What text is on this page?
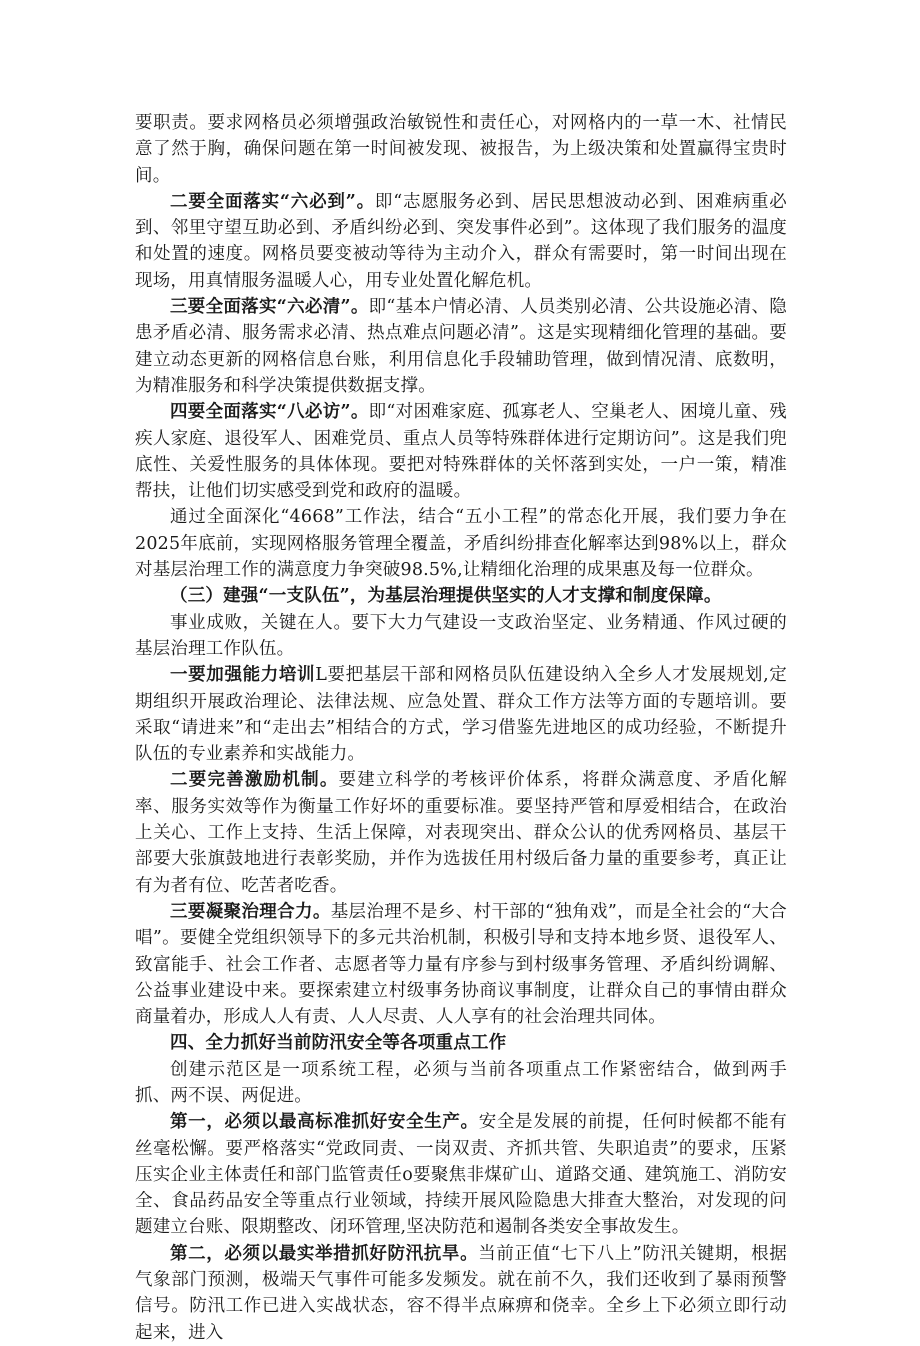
要职责。要求网格员必须增强政治敏锐性和责任心，对网格内的一草一木、社情民意了然于胸，确保问题在第一时间被发现、被报告，为上级决策和处置赢得宝贵时间。

二要全面落实“六必到”。即“志愿服务必到、居民思想波动必到、困难病重必到、邻里守望互助必到、矛盾纠纷必到、突发事件必到”。这体现了我们服务的温度和处置的速度。网格员要变被动等待为主动介入，群众有需要时，第一时间出现在现场，用真情服务温暖人心，用专业处置化解危机。

三要全面落实“六必清”。即“基本户情必清、人员类别必清、公共设施必清、隐患矛盾必清、服务需求必清、热点难点问题必清”。这是实现精细化管理的基础。要建立动态更新的网格信息台账，利用信息化手段辅助管理，做到情况清、底数明，为精准服务和科学决策提供数据支撑。

四要全面落实“八必访”。即“对困难家庭、孤寡老人、空巢老人、困境儿童、残疾人家庭、退役军人、困难党员、重点人员等特殊群体进行定期访问”。这是我们兜底性、关爱性服务的具体体现。要把对特殊群体的关怀落到实处，一户一策，精准帮扶，让他们切实感受到党和政府的温暖。

通过全面深化“4668”工作法，结合“五小工程”的常态化开展，我们要力争在2025年底前，实现网格服务管理全覆盖，矛盾纠纷排查化解率达到98%以上，群众对基层治理工作的满意度力争突破98.5%,让精细化治理的成果惠及每一位群众。

（三）建强“一支队伍”，为基层治理提供坚实的人才支撑和制度保障。

事业成败，关键在人。要下大力气建设一支政治坚定、业务精通、作风过硬的基层治理工作队伍。

一要加强能力培训L要把基层干部和网格员队伍建设纳入全乡人才发展规划,定期组织开展政治理论、法律法规、应急处置、群众工作方法等方面的专题培训。要采取“请进来”和“走出去”相结合的方式，学习借鉴先进地区的成功经验，不断提升队伍的专业素养和实战能力。

二要完善激励机制。要建立科学的考核评价体系，将群众满意度、矛盾化解率、服务实效等作为衡量工作好坏的重要标准。要坚持严管和厚爱相结合，在政治上关心、工作上支持、生活上保障，对表现突出、群众公认的优秀网格员、基层干部要大张旗鼓地进行表彰奖励，并作为选拔任用村级后备力量的重要参考，真正让有为者有位、吃苦者吃香。

三要凝聚治理合力。基层治理不是乡、村干部的“独角戏”，而是全社会的“大合唱”。要健全党组织领导下的多元共治机制，积极引导和支持本地乡贤、退役军人、致富能手、社会工作者、志愿者等力量有序参与到村级事务管理、矛盾纠纷调解、公益事业建设中来。要探索建立村级事务协商议事制度，让群众自己的事情由群众商量着办，形成人人有责、人人尽责、人人享有的社会治理共同体。

四、全力抓好当前防汛安全等各项重点工作

创建示范区是一项系统工程，必须与当前各项重点工作紧密结合，做到两手抓、两不误、两促进。

第一，必须以最高标准抓好安全生产。安全是发展的前提，任何时候都不能有丝毫松懈。要严格落实“党政同责、一岗双责、齐抓共管、失职追责”的要求，压紧压实企业主体责任和部门监管责任o要聚焦非煤矿山、道路交通、建筑施工、消防安全、食品药品安全等重点行业领域，持续开展风险隐患大排查大整治，对发现的问题建立台账、限期整改、闭环管理,坚决防范和遏制各类安全事故发生。

第二，必须以最实举措抓好防汛抗旱。当前正值“七下八上”防汛关键期，根据气象部门预测，极端天气事件可能多发频发。就在前不久，我们还收到了暴雨预警信号。防汛工作已进入实战状态，容不得半点麻痹和侥幸。全乡上下必须立即行动起来，进入
